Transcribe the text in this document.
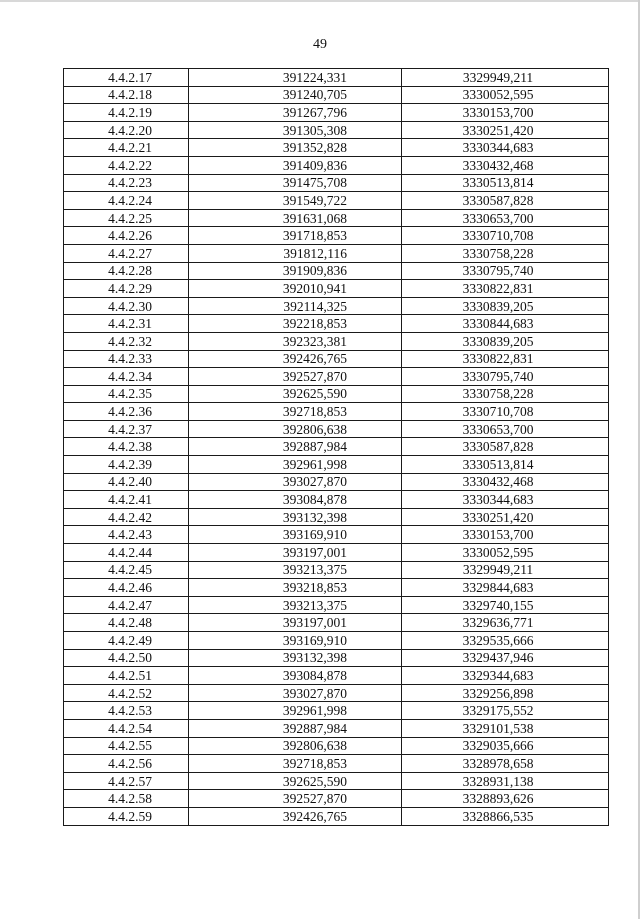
49
4.4.2.17	391224,331	3329949,211
4.4.2.18	391240,705	3330052,595
4.4.2.19	391267,796	3330153,700
4.4.2.20	391305,308	3330251,420
4.4.2.21	391352,828	3330344,683
4.4.2.22	391409,836	3330432,468
4.4.2.23	391475,708	3330513,814
4.4.2.24	391549,722	3330587,828
4.4.2.25	391631,068	3330653,700
4.4.2.26	391718,853	3330710,708
4.4.2.27	391812,116	3330758,228
4.4.2.28	391909,836	3330795,740
4.4.2.29	392010,941	3330822,831
4.4.2.30	392114,325	3330839,205
4.4.2.31	392218,853	3330844,683
4.4.2.32	392323,381	3330839,205
4.4.2.33	392426,765	3330822,831
4.4.2.34	392527,870	3330795,740
4.4.2.35	392625,590	3330758,228
4.4.2.36	392718,853	3330710,708
4.4.2.37	392806,638	3330653,700
4.4.2.38	392887,984	3330587,828
4.4.2.39	392961,998	3330513,814
4.4.2.40	393027,870	3330432,468
4.4.2.41	393084,878	3330344,683
4.4.2.42	393132,398	3330251,420
4.4.2.43	393169,910	3330153,700
4.4.2.44	393197,001	3330052,595
4.4.2.45	393213,375	3329949,211
4.4.2.46	393218,853	3329844,683
4.4.2.47	393213,375	3329740,155
4.4.2.48	393197,001	3329636,771
4.4.2.49	393169,910	3329535,666
4.4.2.50	393132,398	3329437,946
4.4.2.51	393084,878	3329344,683
4.4.2.52	393027,870	3329256,898
4.4.2.53	392961,998	3329175,552
4.4.2.54	392887,984	3329101,538
4.4.2.55	392806,638	3329035,666
4.4.2.56	392718,853	3328978,658
4.4.2.57	392625,590	3328931,138
4.4.2.58	392527,870	3328893,626
4.4.2.59	392426,765	3328866,535
